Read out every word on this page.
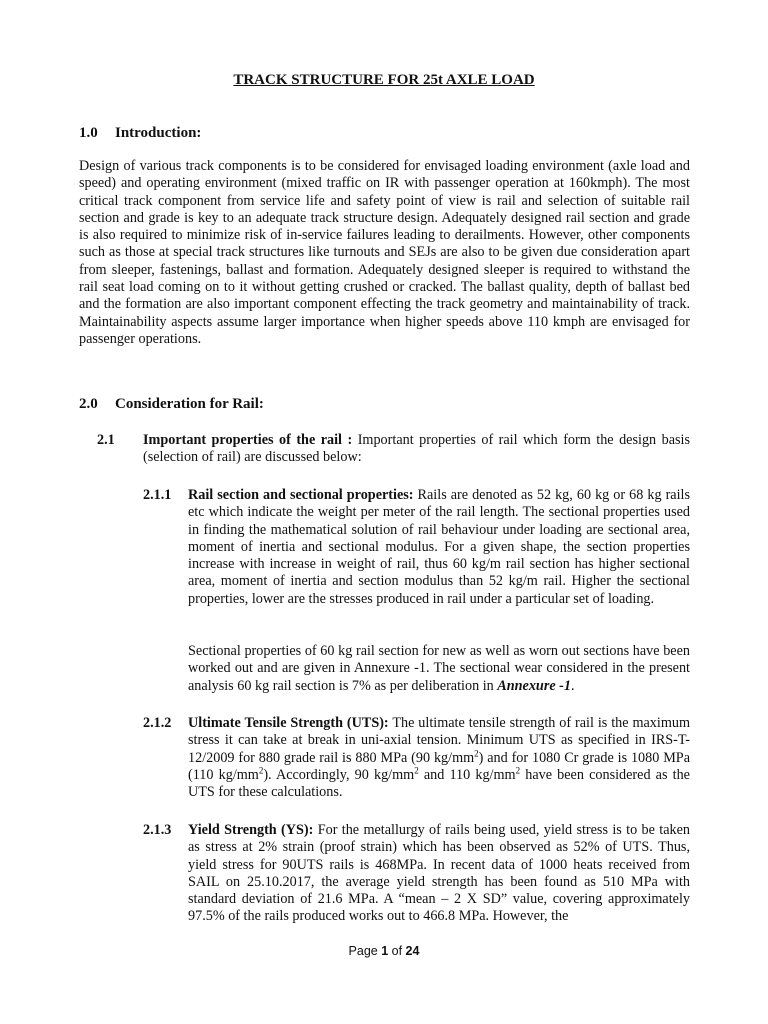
TRACK STRUCTURE FOR 25t AXLE LOAD
1.0 Introduction:
Design of various track components is to be considered for envisaged loading environment (axle load and speed) and operating environment (mixed traffic on IR with passenger operation at 160kmph). The most critical track component from service life and safety point of view is rail and selection of suitable rail section and grade is key to an adequate track structure design. Adequately designed rail section and grade is also required to minimize risk of in-service failures leading to derailments. However, other components such as those at special track structures like turnouts and SEJs are also to be given due consideration apart from sleeper, fastenings, ballast and formation. Adequately designed sleeper is required to withstand the rail seat load coming on to it without getting crushed or cracked. The ballast quality, depth of ballast bed and the formation are also important component effecting the track geometry and maintainability of track. Maintainability aspects assume larger importance when higher speeds above 110 kmph are envisaged for passenger operations.
2.0 Consideration for Rail:
2.1 Important properties of the rail : Important properties of rail which form the design basis (selection of rail) are discussed below:
2.1.1 Rail section and sectional properties: Rails are denoted as 52 kg, 60 kg or 68 kg rails etc which indicate the weight per meter of the rail length. The sectional properties used in finding the mathematical solution of rail behaviour under loading are sectional area, moment of inertia and sectional modulus. For a given shape, the section properties increase with increase in weight of rail, thus 60 kg/m rail section has higher sectional area, moment of inertia and section modulus than 52 kg/m rail. Higher the sectional properties, lower are the stresses produced in rail under a particular set of loading.
Sectional properties of 60 kg rail section for new as well as worn out sections have been worked out and are given in Annexure -1. The sectional wear considered in the present analysis 60 kg rail section is 7% as per deliberation in Annexure -1.
2.1.2 Ultimate Tensile Strength (UTS): The ultimate tensile strength of rail is the maximum stress it can take at break in uni-axial tension. Minimum UTS as specified in IRS-T-12/2009 for 880 grade rail is 880 MPa (90 $kg/mm^2$) and for 1080 Cr grade is 1080 MPa (110 $kg/mm^2$). Accordingly, 90 $kg/mm^2$ and 110 $kg/mm^2$ have been considered as the UTS for these calculations.
2.1.3 Yield Strength (YS): For the metallurgy of rails being used, yield stress is to be taken as stress at 2% strain (proof strain) which has been observed as 52% of UTS. Thus, yield stress for 90UTS rails is 468MPa. In recent data of 1000 heats received from SAIL on 25.10.2017, the average yield strength has been found as 510 MPa with standard deviation of 21.6 MPa. A “mean – 2 X SD” value, covering approximately 97.5% of the rails produced works out to 466.8 MPa. However, the
Page 1 of 24
